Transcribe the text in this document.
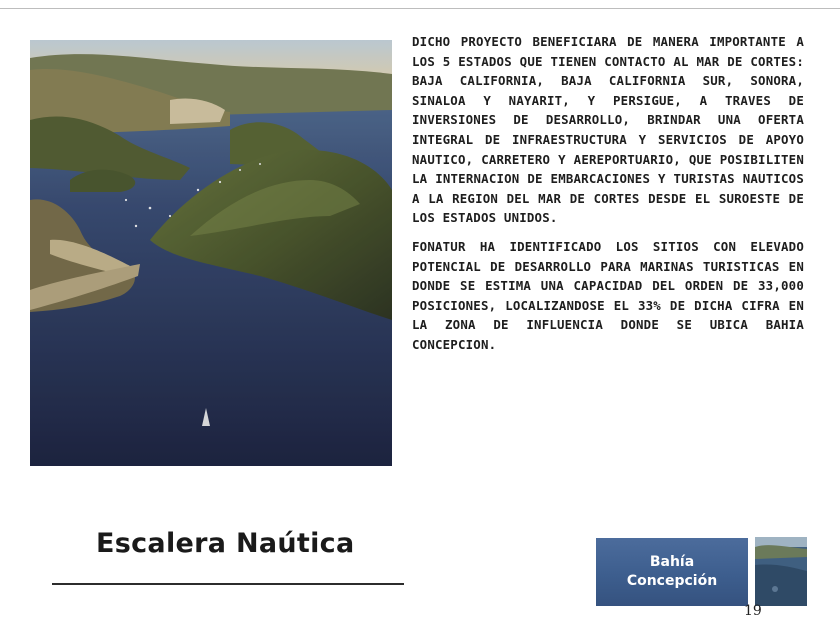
DICHO PROYECTO BENEFICIARA DE MANERA IMPORTANTE A LOS 5 ESTADOS QUE TIENEN CONTACTO AL MAR DE CORTES: BAJA CALIFORNIA, BAJA CALIFORNIA SUR, SONORA, SINALOA Y NAYARIT, Y PERSIGUE, A TRAVES DE INVERSIONES DE DESARROLLO, BRINDAR UNA OFERTA INTEGRAL DE INFRAESTRUCTURA Y SERVICIOS DE APOYO NAUTICO, CARRETERO Y AEREPORTUARIO, QUE POSIBILITEN LA INTERNACION DE EMBARCACIONES Y TURISTAS NAUTICOS A LA REGION DEL MAR DE CORTES DESDE EL SUROESTE DE LOS ESTADOS UNIDOS.

FONATUR HA IDENTIFICADO LOS SITIOS CON ELEVADO POTENCIAL DE DESARROLLO PARA MARINAS TURISTICAS EN DONDE SE ESTIMA UNA CAPACIDAD DEL ORDEN DE 33,000 POSICIONES, LOCALIZANDOSE EL 33% DE DICHA CIFRA EN LA ZONA DE INFLUENCIA DONDE SE UBICA BAHIA CONCEPCION.

Escalera Naútica
Bahía
Concepción
19
